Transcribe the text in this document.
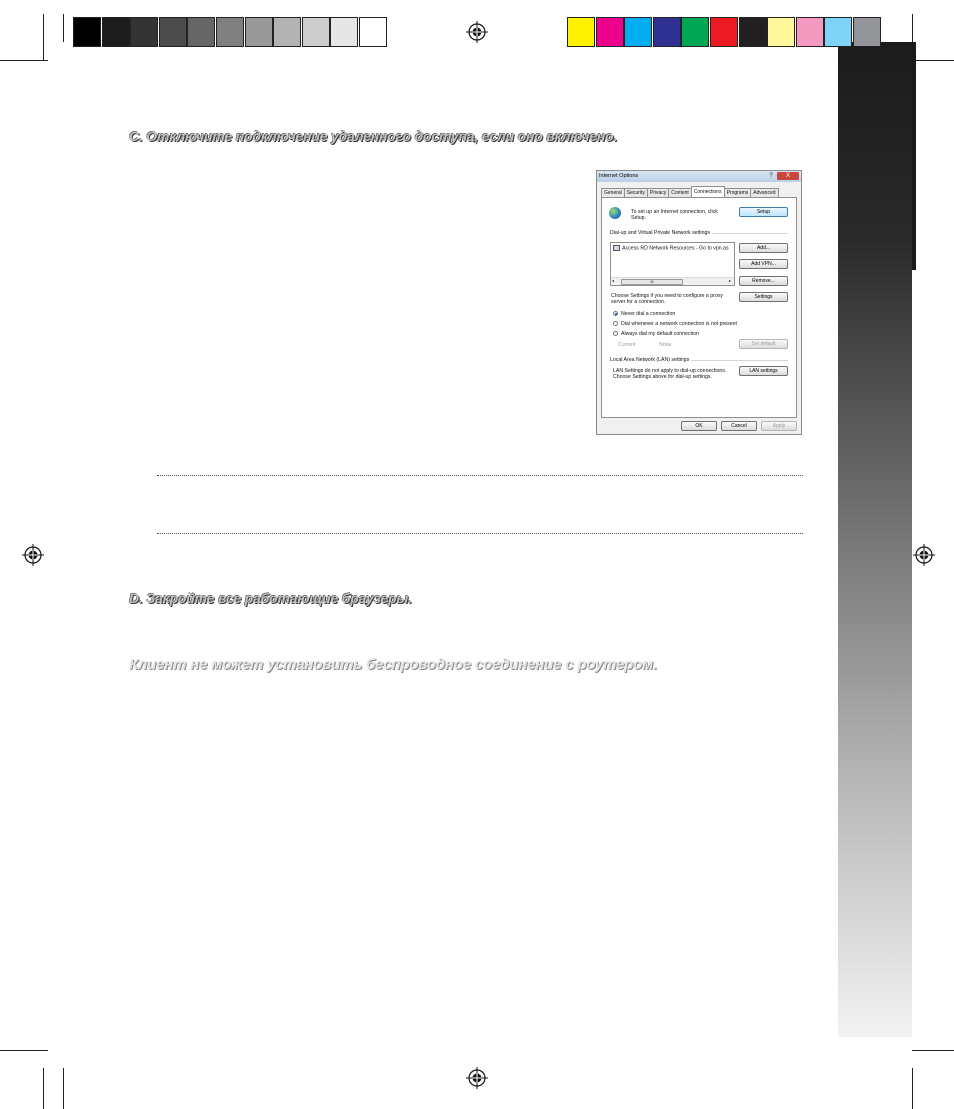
C. Отключите подключение удаленного доступа, если оно включено.
D. Закройте все работающие браузеры.
Клиент не может установить беспроводное соединение с роутером.
Internet Options	?	X
General	Security	Privacy	Content	Connections	Programs	Advanced
To set up an Internet connection, click
Setup.
Setup
Dial-up and Virtual Private Network settings
Access RD Network Resources - Go to vpn.as
◂	III	▸
Add...
Add VPN...
Remove...
Choose Settings if you need to configure a proxy
server for a connection.
Settings
Never dial a connection
Dial whenever a network connection is not present
Always dial my default connection
Current	None	Set default
Local Area Network (LAN) settings
LAN Settings do not apply to dial-up connections.
Choose Settings above for dial-up settings.
LAN settings
OK	Cancel	Apply
